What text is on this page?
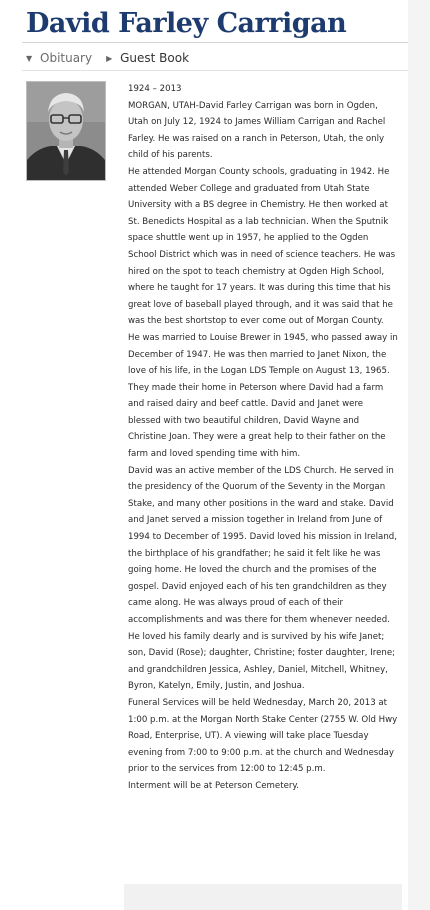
David Farley Carrigan
▼ Obituary ▶ Guest Book

1924 – 2013

MORGAN, UTAH-David Farley Carrigan was born in Ogden, Utah on July 12, 1924 to James William Carrigan and Rachel Farley. He was raised on a ranch in Peterson, Utah, the only child of his parents.

He attended Morgan County schools, graduating in 1942. He attended Weber College and graduated from Utah State University with a BS degree in Chemistry. He then worked at St. Benedicts Hospital as a lab technician. When the Sputnik space shuttle went up in 1957, he applied to the Ogden School District which was in need of science teachers. He was hired on the spot to teach chemistry at Ogden High School, where he taught for 17 years. It was during this time that his great love of baseball played through, and it was said that he was the best shortstop to ever come out of Morgan County.

He was married to Louise Brewer in 1945, who passed away in December of 1947. He was then married to Janet Nixon, the love of his life, in the Logan LDS Temple on August 13, 1965. They made their home in Peterson where David had a farm and raised dairy and beef cattle. David and Janet were blessed with two beautiful children, David Wayne and Christine Joan. They were a great help to their father on the farm and loved spending time with him.

David was an active member of the LDS Church. He served in the presidency of the Quorum of the Seventy in the Morgan Stake, and many other positions in the ward and stake. David and Janet served a mission together in Ireland from June of 1994 to December of 1995. David loved his mission in Ireland, the birthplace of his grandfather; he said it felt like he was going home. He loved the church and the promises of the gospel. David enjoyed each of his ten grandchildren as they came along. He was always proud of each of their accomplishments and was there for them whenever needed. He loved his family dearly and is survived by his wife Janet; son, David (Rose); daughter, Christine; foster daughter, Irene; and grandchildren Jessica, Ashley, Daniel, Mitchell, Whitney, Byron, Katelyn, Emily, Justin, and Joshua.

Funeral Services will be held Wednesday, March 20, 2013 at 1:00 p.m. at the Morgan North Stake Center (2755 W. Old Hwy Road, Enterprise, UT). A viewing will take place Tuesday evening from 7:00 to 9:00 p.m. at the church and Wednesday prior to the services from 12:00 to 12:45 p.m.

Interment will be at Peterson Cemetery.
